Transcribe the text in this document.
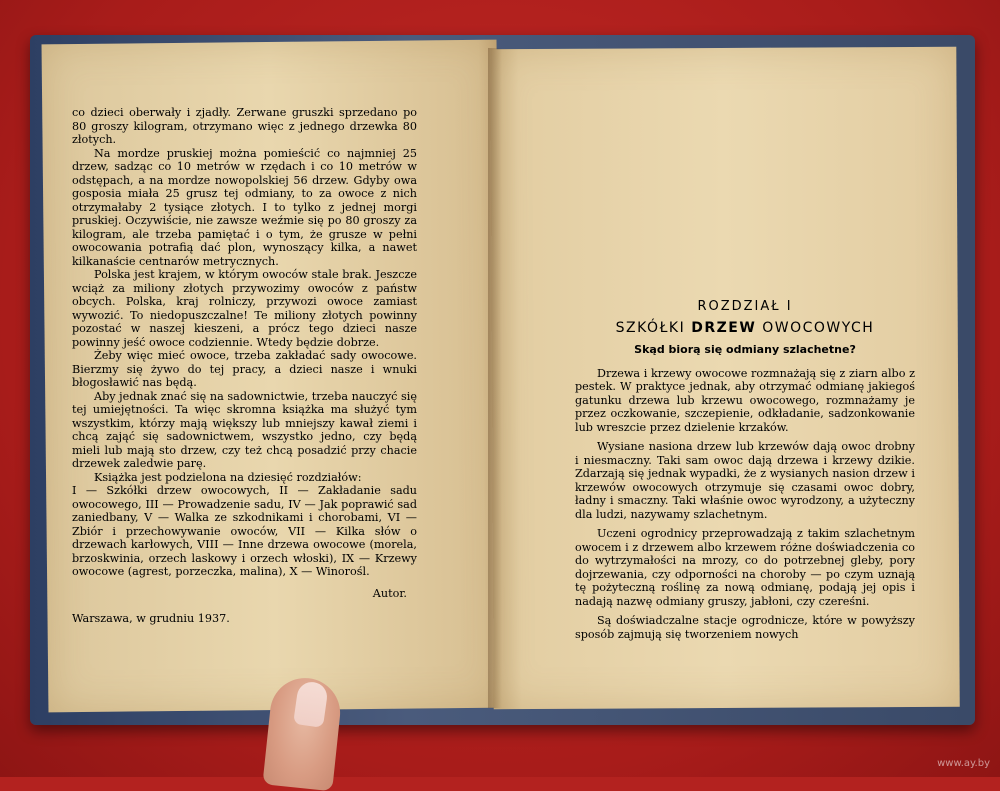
co dzieci oberwały i zjadły. Zerwane gruszki sprzedano po 80 groszy kilogram, otrzymano więc z jednego drzewka 80 złotych.

Na mordze pruskiej można pomieścić co najmniej 25 drzew, sadząc co 10 metrów w rzędach i co 10 metrów w odstępach, a na mordze nowopolskiej 56 drzew. Gdyby owa gosposia miała 25 grusz tej odmiany, to za owoce z nich otrzymałaby 2 tysiące złotych. I to tylko z jednej morgi pruskiej. Oczywiście, nie zawsze weźmie się po 80 groszy za kilogram, ale trzeba pamiętać i o tym, że grusze w pełni owocowania potrafią dać plon, wynoszący kilka, a nawet kilkanaście centnarów metrycznych.

Polska jest krajem, w którym owoców stale brak. Jeszcze wciąż za miliony złotych przywozimy owoców z państw obcych. Polska, kraj rolniczy, przywozi owoce zamiast wywozić. To niedopuszczalne! Te miliony złotych powinny pozostać w naszej kieszeni, a prócz tego dzieci nasze powinny jeść owoce codziennie. Wtedy będzie dobrze.

Żeby więc mieć owoce, trzeba zakładać sady owocowe. Bierzmy się żywo do tej pracy, a dzieci nasze i wnuki błogosławić nas będą.

Aby jednak znać się na sadownictwie, trzeba nauczyć się tej umiejętności. Ta więc skromna książka ma służyć tym wszystkim, którzy mają większy lub mniejszy kawał ziemi i chcą zająć się sadownictwem, wszystko jedno, czy będą mieli lub mają sto drzew, czy też chcą posadzić przy chacie drzewek zaledwie parę.

Książka jest podzielona na dziesięć rozdziałów:

I — Szkółki drzew owocowych, II — Zakładanie sadu owocowego, III — Prowadzenie sadu, IV — Jak poprawić sad zaniedbany, V — Walka ze szkodnikami i chorobami, VI — Zbiór i przechowywanie owoców, VII — Kilka słów o drzewach karłowych, VIII — Inne drzewa owocowe (morela, brzoskwinia, orzech laskowy i orzech włoski), IX — Krzewy owocowe (agrest, porzeczka, malina), X — Winorośl.

Autor.

Warszawa, w grudniu 1937.

ROZDZIAŁ I

SZKÓŁKI DRZEW OWOCOWYCH

Skąd biorą się odmiany szlachetne?

Drzewa i krzewy owocowe rozmnażają się z ziarn albo z pestek. W praktyce jednak, aby otrzymać odmianę jakiegoś gatunku drzewa lub krzewu owocowego, rozmnażamy je przez oczkowanie, szczepienie, odkładanie, sadzonkowanie lub wreszcie przez dzielenie krzaków.

Wysiane nasiona drzew lub krzewów dają owoc drobny i niesmaczny. Taki sam owoc dają drzewa i krzewy dzikie. Zdarzają się jednak wypadki, że z wysianych nasion drzew i krzewów owocowych otrzymuje się czasami owoc dobry, ładny i smaczny. Taki właśnie owoc wyrodzony, a użyteczny dla ludzi, nazywamy szlachetnym.

Uczeni ogrodnicy przeprowadzają z takim szlachetnym owocem i z drzewem albo krzewem różne doświadczenia co do wytrzymałości na mrozy, co do potrzebnej gleby, pory dojrzewania, czy odporności na choroby — po czym uznają tę pożyteczną roślinę za nową odmianę, podają jej opis i nadają nazwę odmiany gruszy, jabłoni, czy czereśni.

Są doświadczalne stacje ogrodnicze, które w powyższy sposób zajmują się tworzeniem nowych

www.ay.by
